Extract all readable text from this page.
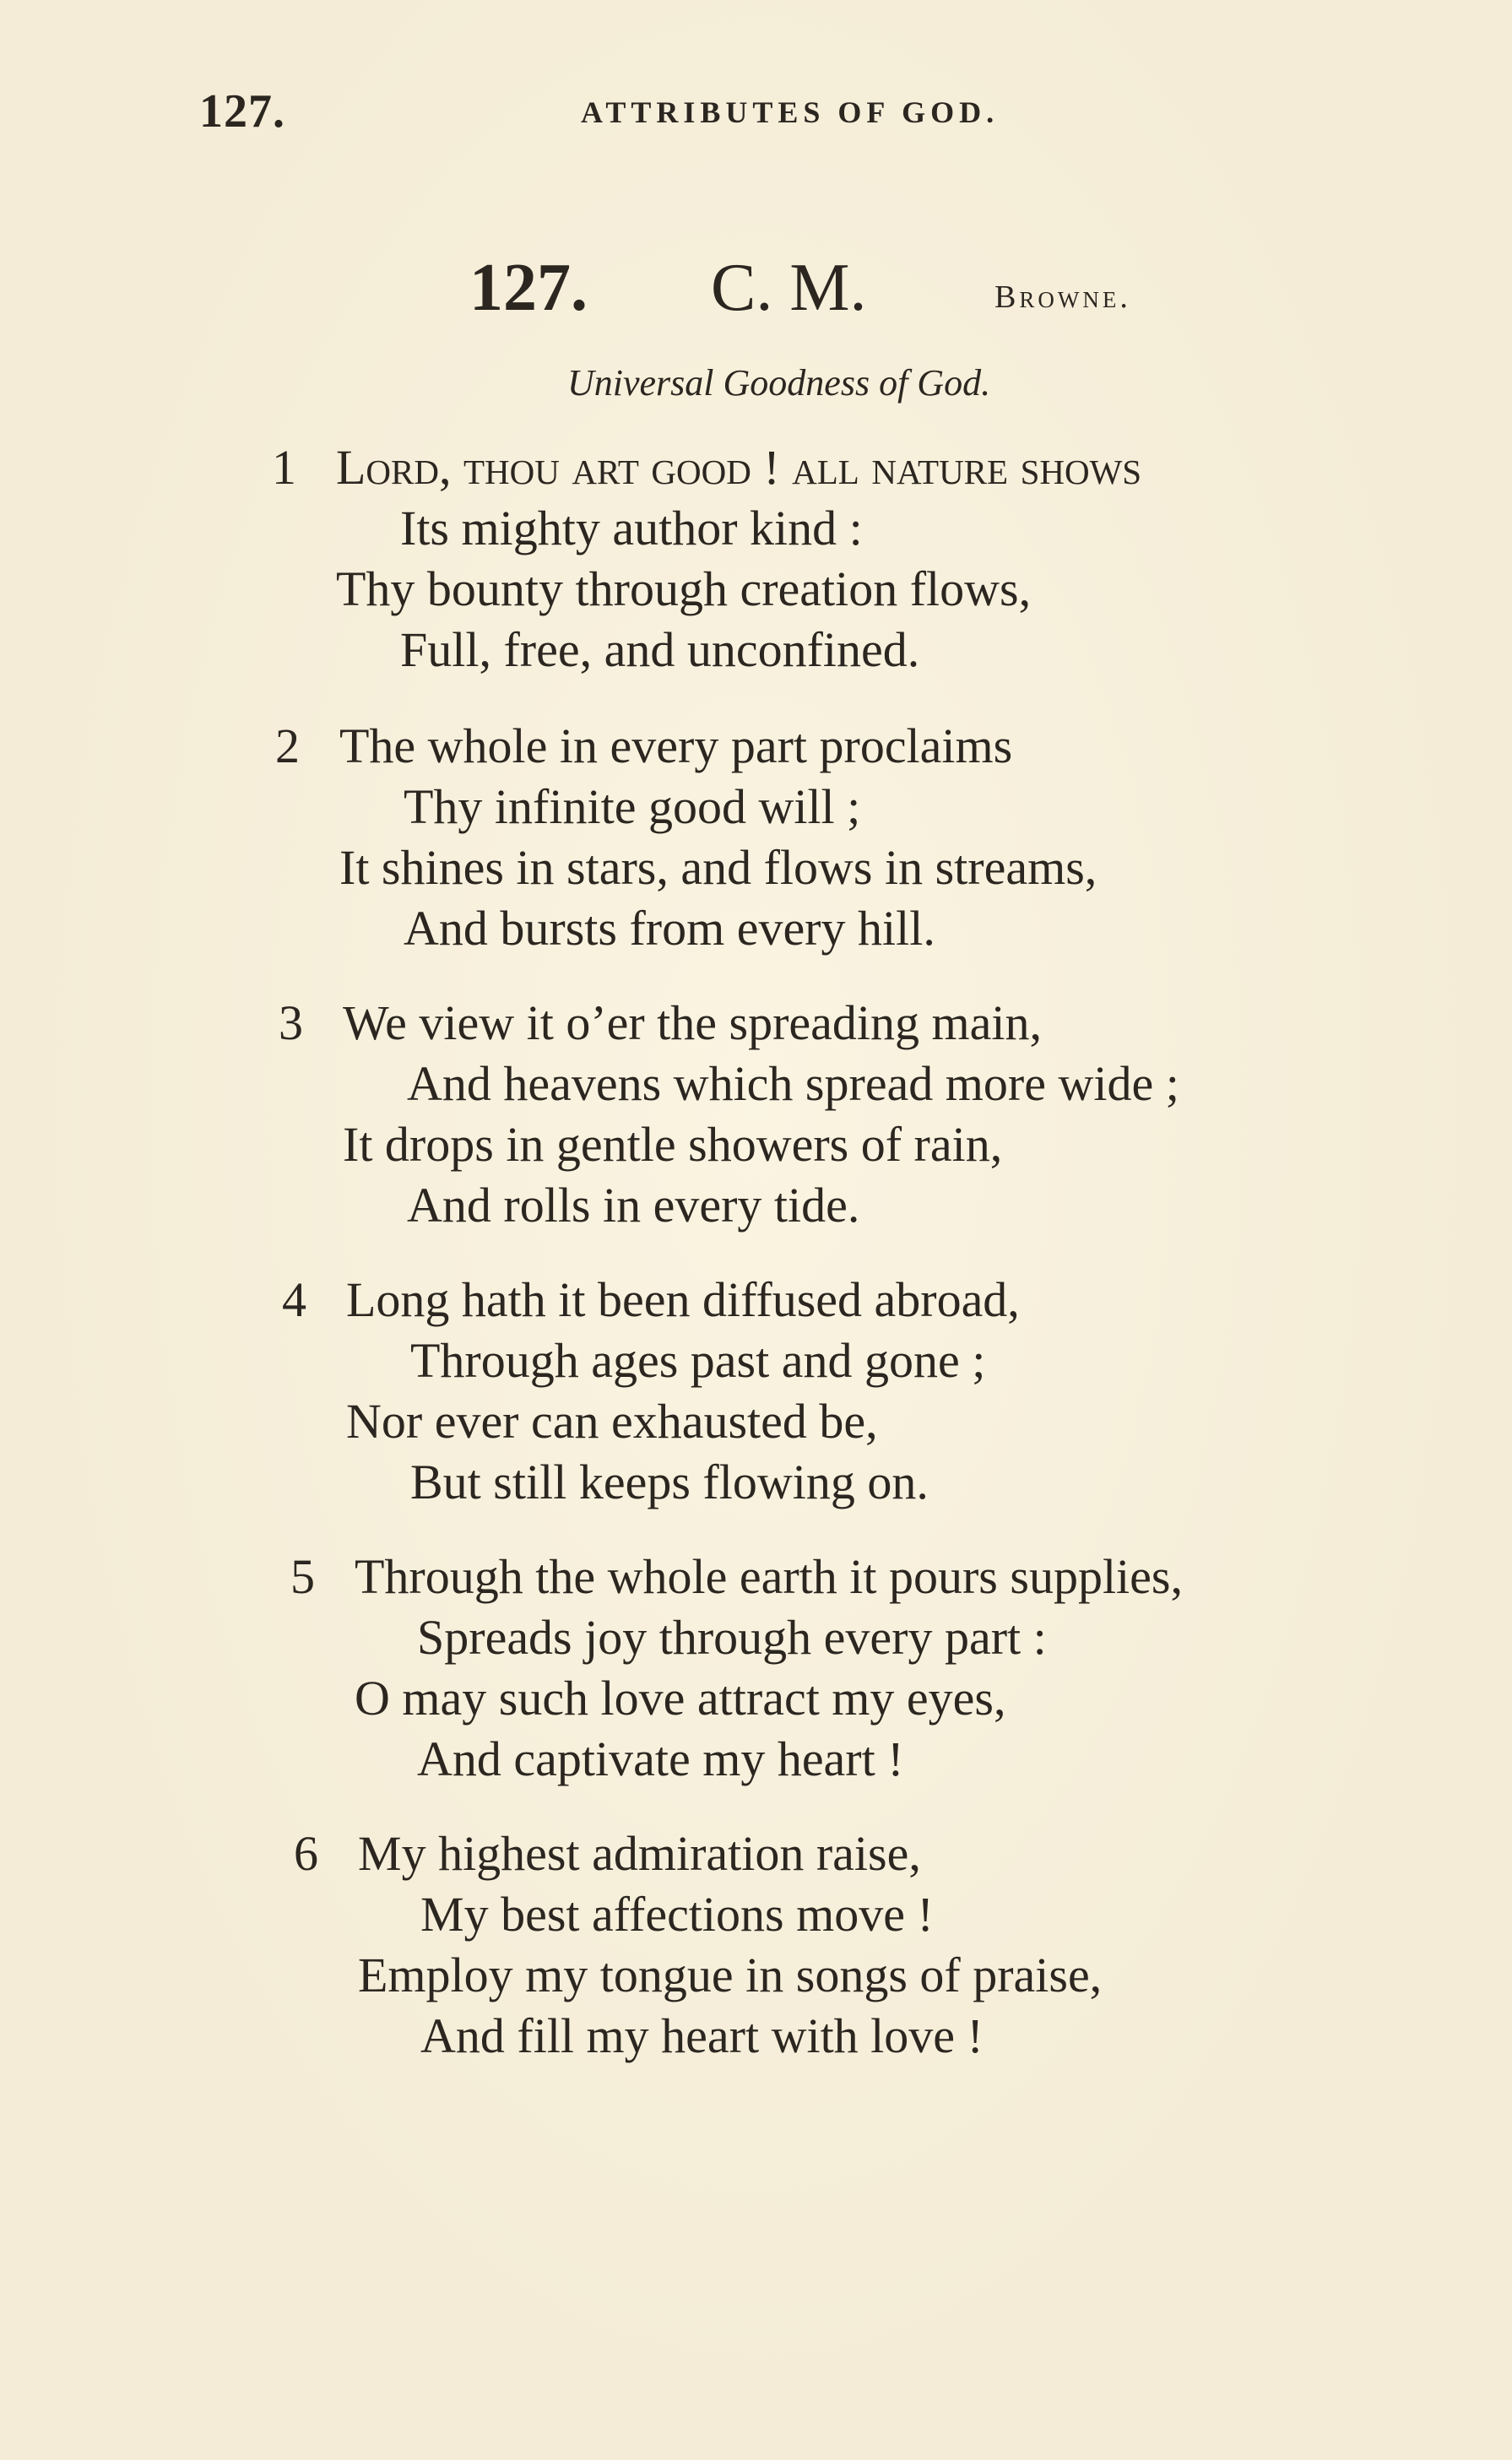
127.	ATTRIBUTES OF GOD.
127. C. M.	Browne.
Universal Goodness of God.
1 Lord, thou art good ! all nature shows
Its mighty author kind :
Thy bounty through creation flows,
Full, free, and unconfined.
2 The whole in every part proclaims
Thy infinite good will ;
It shines in stars, and flows in streams,
And bursts from every hill.
3 We view it o’er the spreading main,
And heavens which spread more wide ;
It drops in gentle showers of rain,
And rolls in every tide.
4 Long hath it been diffused abroad,
Through ages past and gone ;
Nor ever can exhausted be,
But still keeps flowing on.
5 Through the whole earth it pours supplies,
Spreads joy through every part :
O may such love attract my eyes,
And captivate my heart !
6 My highest admiration raise,
My best affections move !
Employ my tongue in songs of praise,
And fill my heart with love !
